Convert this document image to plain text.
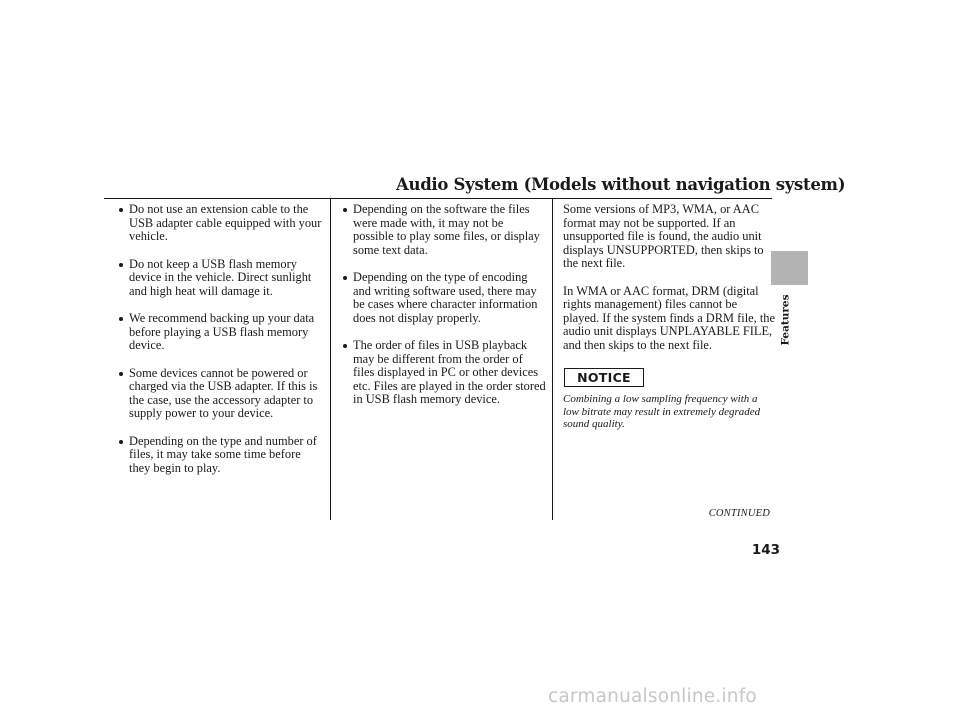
Audio System (Models without navigation system)
Do not use an extension cable to the USB adapter cable equipped with your vehicle.
Do not keep a USB flash memory device in the vehicle. Direct sunlight and high heat will damage it.
We recommend backing up your data before playing a USB flash memory device.
Some devices cannot be powered or charged via the USB adapter. If this is the case, use the accessory adapter to supply power to your device.
Depending on the type and number of files, it may take some time before they begin to play.
Depending on the software the files were made with, it may not be possible to play some files, or display some text data.
Depending on the type of encoding and writing software used, there may be cases where character information does not display properly.
The order of files in USB playback may be different from the order of files displayed in PC or other devices etc. Files are played in the order stored in USB flash memory device.
Some versions of MP3, WMA, or AAC format may not be supported. If an unsupported file is found, the audio unit displays UNSUPPORTED, then skips to the next file.
In WMA or AAC format, DRM (digital rights management) files cannot be played. If the system finds a DRM file, the audio unit displays UNPLAYABLE FILE, and then skips to the next file.
NOTICE
Combining a low sampling frequency with a low bitrate may result in extremely degraded sound quality.
CONTINUED
143
Features
carmanualsonline.info
